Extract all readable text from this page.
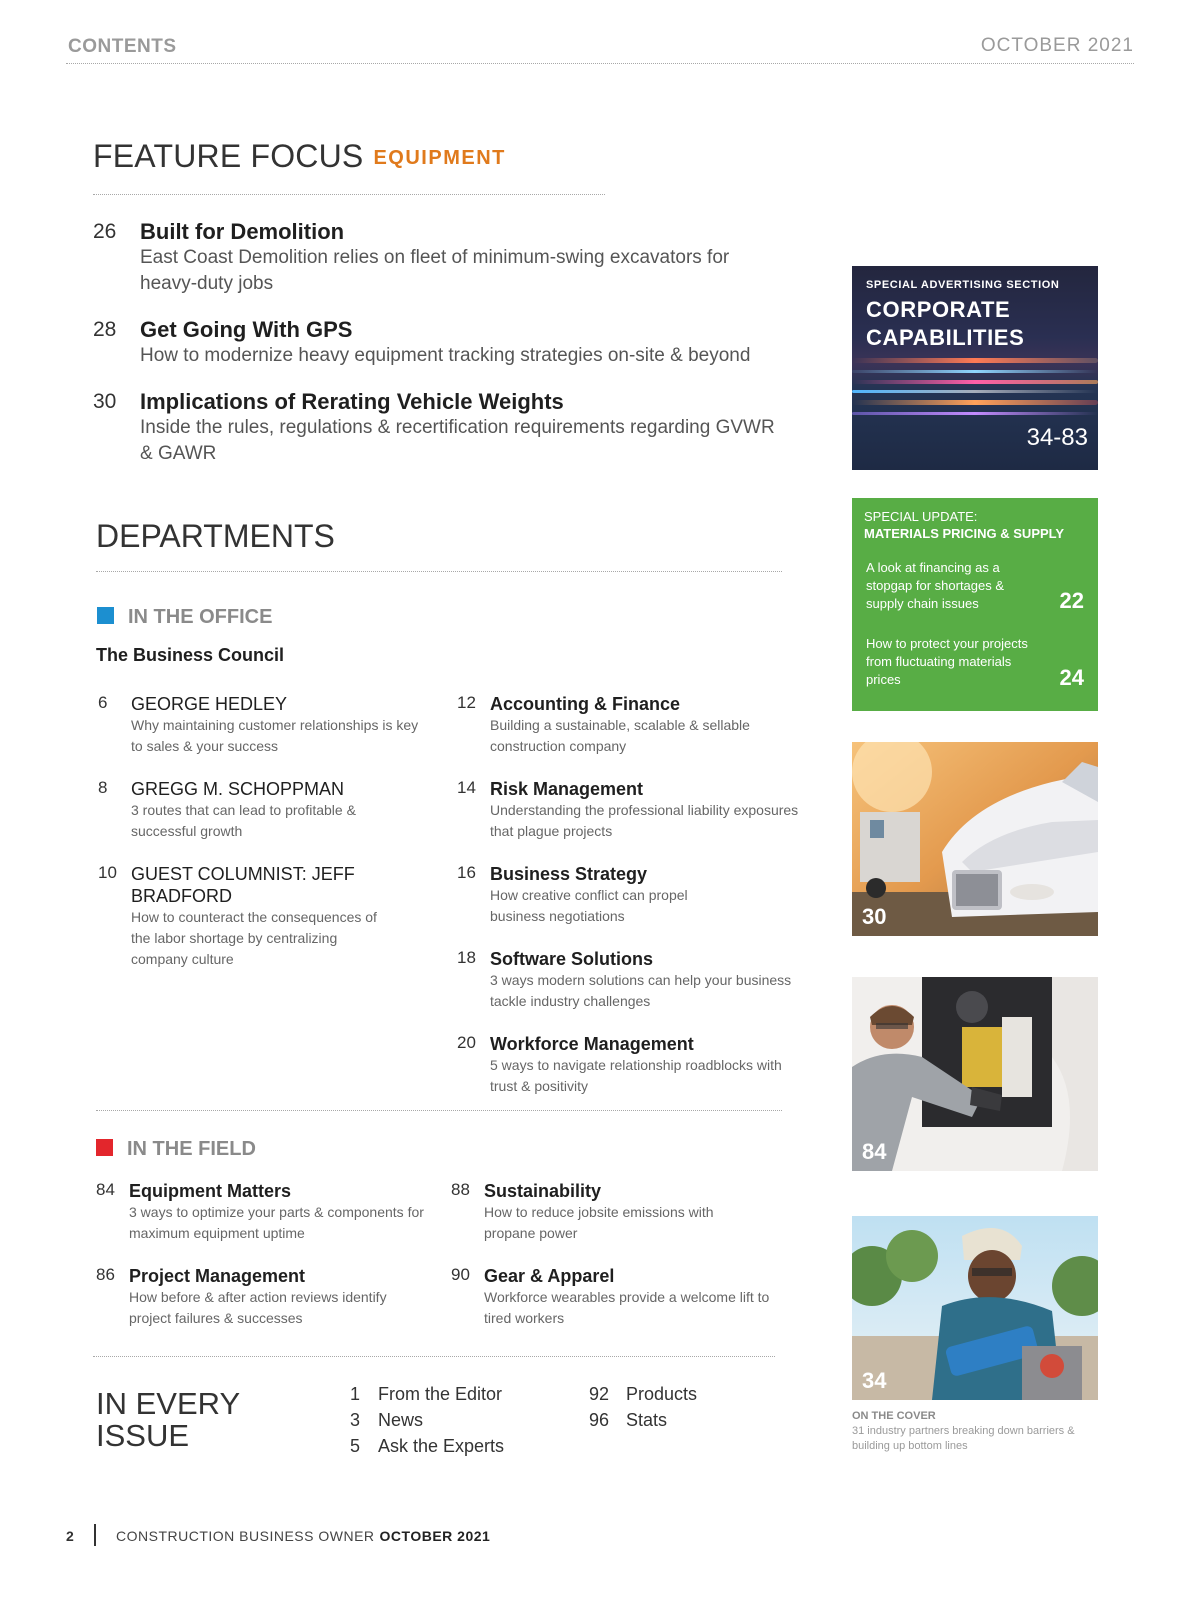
CONTENTS	OCTOBER 2021
FEATURE FOCUS EQUIPMENT
26 Built for Demolition
East Coast Demolition relies on fleet of minimum-swing excavators for heavy-duty jobs
28 Get Going With GPS
How to modernize heavy equipment tracking strategies on-site & beyond
30 Implications of Rerating Vehicle Weights
Inside the rules, regulations & recertification requirements regarding GVWR & GAWR
DEPARTMENTS
IN THE OFFICE
The Business Council
6 GEORGE HEDLEY
Why maintaining customer relationships is key to sales & your success
8 GREGG M. SCHOPPMAN
3 routes that can lead to profitable & successful growth
10 GUEST COLUMNIST: JEFF BRADFORD
How to counteract the consequences of the labor shortage by centralizing company culture
12 Accounting & Finance
Building a sustainable, scalable & sellable construction company
14 Risk Management
Understanding the professional liability exposures that plague projects
16 Business Strategy
How creative conflict can propel business negotiations
18 Software Solutions
3 ways modern solutions can help your business tackle industry challenges
20 Workforce Management
5 ways to navigate relationship roadblocks with trust & positivity
IN THE FIELD
84 Equipment Matters
3 ways to optimize your parts & components for maximum equipment uptime
88 Sustainability
How to reduce jobsite emissions with propane power
86 Project Management
How before & after action reviews identify project failures & successes
90 Gear & Apparel
Workforce wearables provide a welcome lift to tired workers
IN EVERY
ISSUE
1 From the Editor
3 News
5 Ask the Experts
92 Products
96 Stats
SPECIAL ADVERTISING SECTION
CORPORATE
CAPABILITIES
34-83
SPECIAL UPDATE:
MATERIALS PRICING & SUPPLY
A look at financing as a stopgap for shortages & supply chain issues	22
How to protect your projects from fluctuating materials prices	24
30
84
34
ON THE COVER
31 industry partners breaking down barriers & building up bottom lines
2	CONSTRUCTION BUSINESS OWNER OCTOBER 2021
